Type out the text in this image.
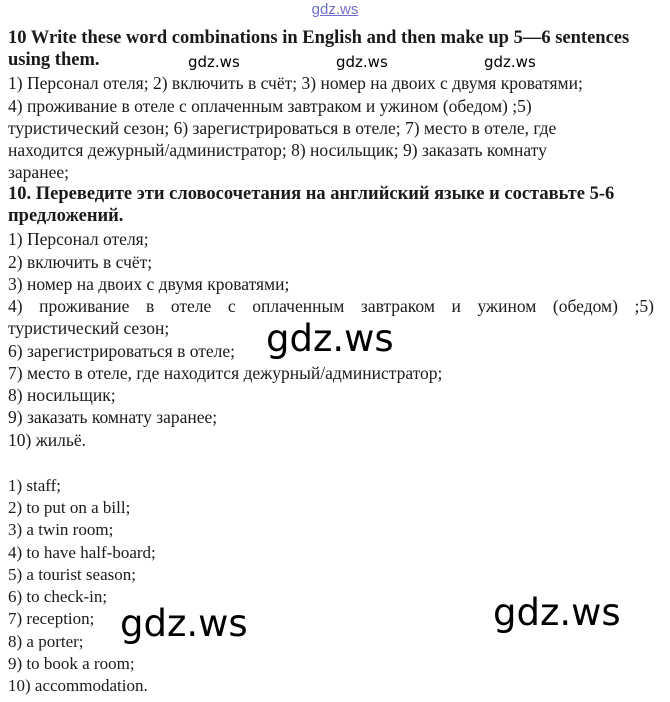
gdz.ws
10 Write these word combinations in English and then make up 5—6 sentences using them.
1) Персонал отеля; 2) включить в счёт; 3) номер на двоих с двумя кроватями;
4) проживание в отеле с оплаченным завтраком и ужином (обедом) ;5)
туристический сезон; 6) зарегистрироваться в отеле; 7) место в отеле, где
находится дежурный/администратор; 8) носильщик; 9) заказать комнату
заранее;
10. Переведите эти словосочетания на английский языке и составьте 5-6 предложений.
1) Персонал отеля;
2) включить в счёт;
3) номер на двоих с двумя кроватями;
4) проживание в отеле с оплаченным завтраком и ужином (обедом) ;5)
туристический сезон;
6) зарегистрироваться в отеле;
7) место в отеле, где находится дежурный/администратор;
8) носильщик;
9) заказать комнату заранее;
10) жильё.
1) staff;
2) to put on a bill;
3) a twin room;
4) to have half-board;
5) a tourist season;
6) to check-in;
7) reception;
8) a porter;
9) to book a room;
10) accommodation.
gdz.ws	gdz.ws	gdz.ws
gdz.ws
gdz.ws	gdz.ws
